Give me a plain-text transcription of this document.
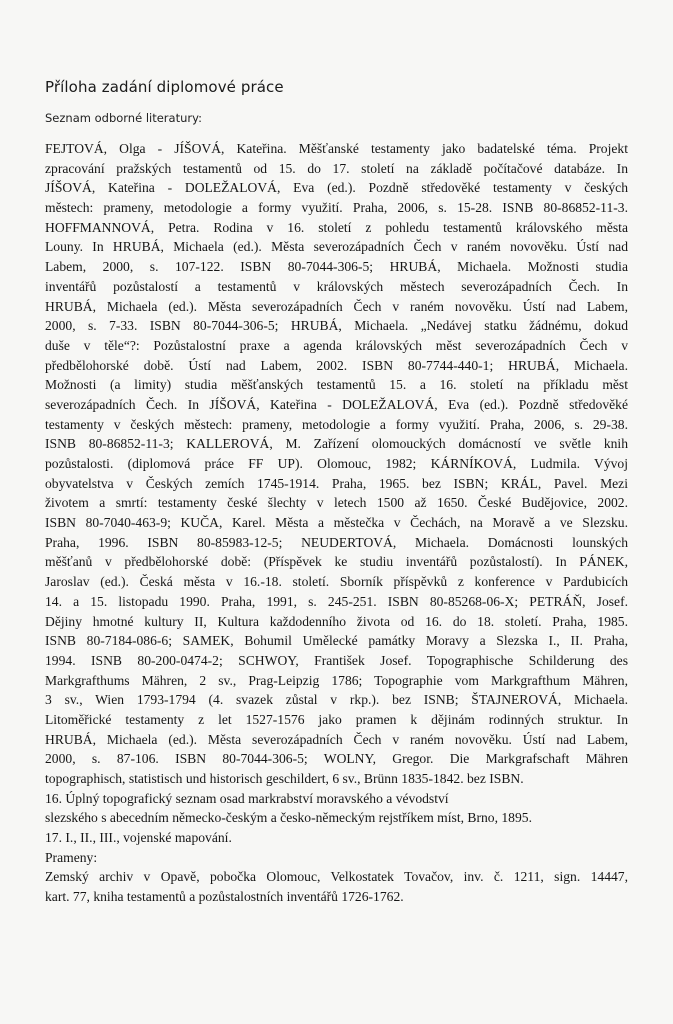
Příloha zadání diplomové práce
Seznam odborné literatury:
FEJTOVÁ, Olga - JÍŠOVÁ, Kateřina. Měšťanské testamenty jako badatelské téma. Projekt
zpracování pražských testamentů od 15. do 17. století na základě počítačové databáze. In
JÍŠOVÁ, Kateřina - DOLEŽALOVÁ, Eva (ed.). Pozdně středověké testamenty v českých
městech: prameny, metodologie a formy využití. Praha, 2006, s. 15-28. ISNB 80-86852-11-3.
HOFFMANNOVÁ, Petra. Rodina v 16. století z pohledu testamentů královského města
Louny. In HRUBÁ, Michaela (ed.). Města severozápadních Čech v raném novověku. Ústí nad
Labem, 2000, s. 107-122. ISBN 80-7044-306-5; HRUBÁ, Michaela. Možnosti studia
inventářů pozůstalostí a testamentů v královských městech severozápadních Čech. In
HRUBÁ, Michaela (ed.). Města severozápadních Čech v raném novověku. Ústí nad Labem,
2000, s. 7-33. ISBN 80-7044-306-5; HRUBÁ, Michaela. „Nedávej statku žádnému, dokud
duše v těle“?: Pozůstalostní praxe a agenda královských měst severozápadních Čech v
předbělohorské době. Ústí nad Labem, 2002. ISBN 80-7744-440-1; HRUBÁ, Michaela.
Možnosti (a limity) studia měšťanských testamentů 15. a 16. století na příkladu měst
severozápadních Čech. In JÍŠOVÁ, Kateřina - DOLEŽALOVÁ, Eva (ed.). Pozdně středověké
testamenty v českých městech: prameny, metodologie a formy využití. Praha, 2006, s. 29-38.
ISNB 80-86852-11-3; KALLEROVÁ, M. Zařízení olomouckých domácností ve světle knih
pozůstalosti. (diplomová práce FF UP). Olomouc, 1982; KÁRNÍKOVÁ, Ludmila. Vývoj
obyvatelstva v Českých zemích 1745-1914. Praha, 1965. bez ISBN; KRÁL, Pavel. Mezi
životem a smrtí: testamenty české šlechty v letech 1500 až 1650. České Budějovice, 2002.
ISBN 80-7040-463-9; KUČA, Karel. Města a městečka v Čechách, na Moravě a ve Slezsku.
Praha, 1996. ISBN 80-85983-12-5; NEUDERTOVÁ, Michaela. Domácnosti lounských
měšťanů v předbělohorské době: (Příspěvek ke studiu inventářů pozůstalostí). In PÁNEK,
Jaroslav (ed.). Česká města v 16.-18. století. Sborník příspěvků z konference v Pardubicích
14. a 15. listopadu 1990. Praha, 1991, s. 245-251. ISBN 80-85268-06-X; PETRÁŇ, Josef.
Dějiny hmotné kultury II, Kultura každodenního života od 16. do 18. století. Praha, 1985.
ISNB 80-7184-086-6; SAMEK, Bohumil Umělecké památky Moravy a Slezska I., II. Praha,
1994. ISNB 80-200-0474-2; SCHWOY, František Josef. Topographische Schilderung des
Markgrafthums Mähren, 2 sv., Prag-Leipzig 1786; Topographie vom Markgrafthum Mähren,
3 sv., Wien 1793-1794 (4. svazek zůstal v rkp.). bez ISNB; ŠTAJNEROVÁ, Michaela.
Litoměřické testamenty z let 1527-1576 jako pramen k dějinám rodinných struktur. In
HRUBÁ, Michaela (ed.). Města severozápadních Čech v raném novověku. Ústí nad Labem,
2000, s. 87-106. ISBN 80-7044-306-5; WOLNY, Gregor. Die Markgrafschaft Mähren
topographisch, statistisch und historisch geschildert, 6 sv., Brünn 1835-1842. bez ISBN.
16. Úplný topografický seznam osad markrabství moravského a vévodství
slezského s abecedním německo-českým a česko-německým rejstříkem míst, Brno, 1895.
17. I., II., III., vojenské mapování.
Prameny:
Zemský archiv v Opavě, pobočka Olomouc, Velkostatek Tovačov, inv. č. 1211, sign. 14447,
kart. 77, kniha testamentů a pozůstalostních inventářů 1726-1762.
